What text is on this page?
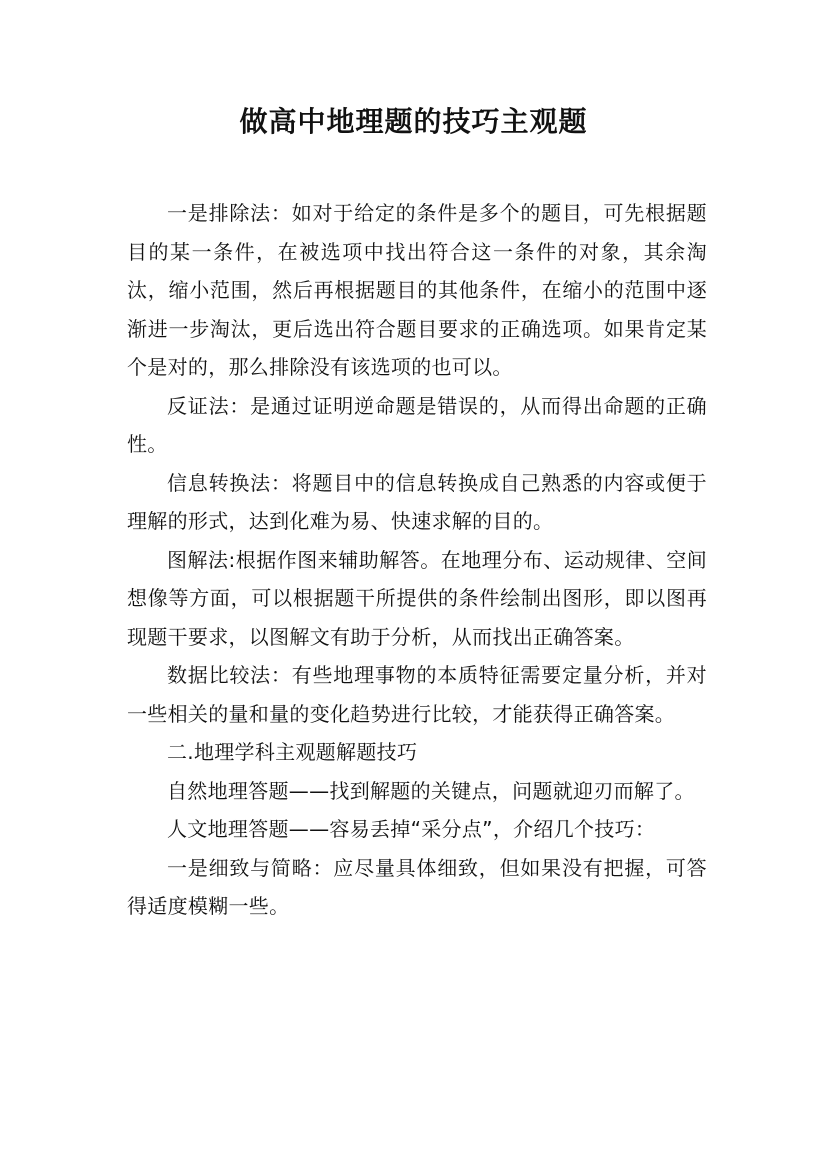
做高中地理题的技巧主观题

一是排除法：如对于给定的条件是多个的题目，可先根据题目的某一条件，在被选项中找出符合这一条件的对象，其余淘汰，缩小范围，然后再根据题目的其他条件，在缩小的范围中逐渐进一步淘汰，更后选出符合题目要求的正确选项。如果肯定某个是对的，那么排除没有该选项的也可以。

反证法：是通过证明逆命题是错误的，从而得出命题的正确性。

信息转换法：将题目中的信息转换成自己熟悉的内容或便于理解的形式，达到化难为易、快速求解的目的。

图解法:根据作图来辅助解答。在地理分布、运动规律、空间想像等方面，可以根据题干所提供的条件绘制出图形，即以图再现题干要求，以图解文有助于分析，从而找出正确答案。

数据比较法：有些地理事物的本质特征需要定量分析，并对一些相关的量和量的变化趋势进行比较，才能获得正确答案。

二.地理学科主观题解题技巧

自然地理答题——找到解题的关键点，问题就迎刃而解了。

人文地理答题——容易丢掉“采分点”，介绍几个技巧：

一是细致与简略：应尽量具体细致，但如果没有把握，可答得适度模糊一些。
